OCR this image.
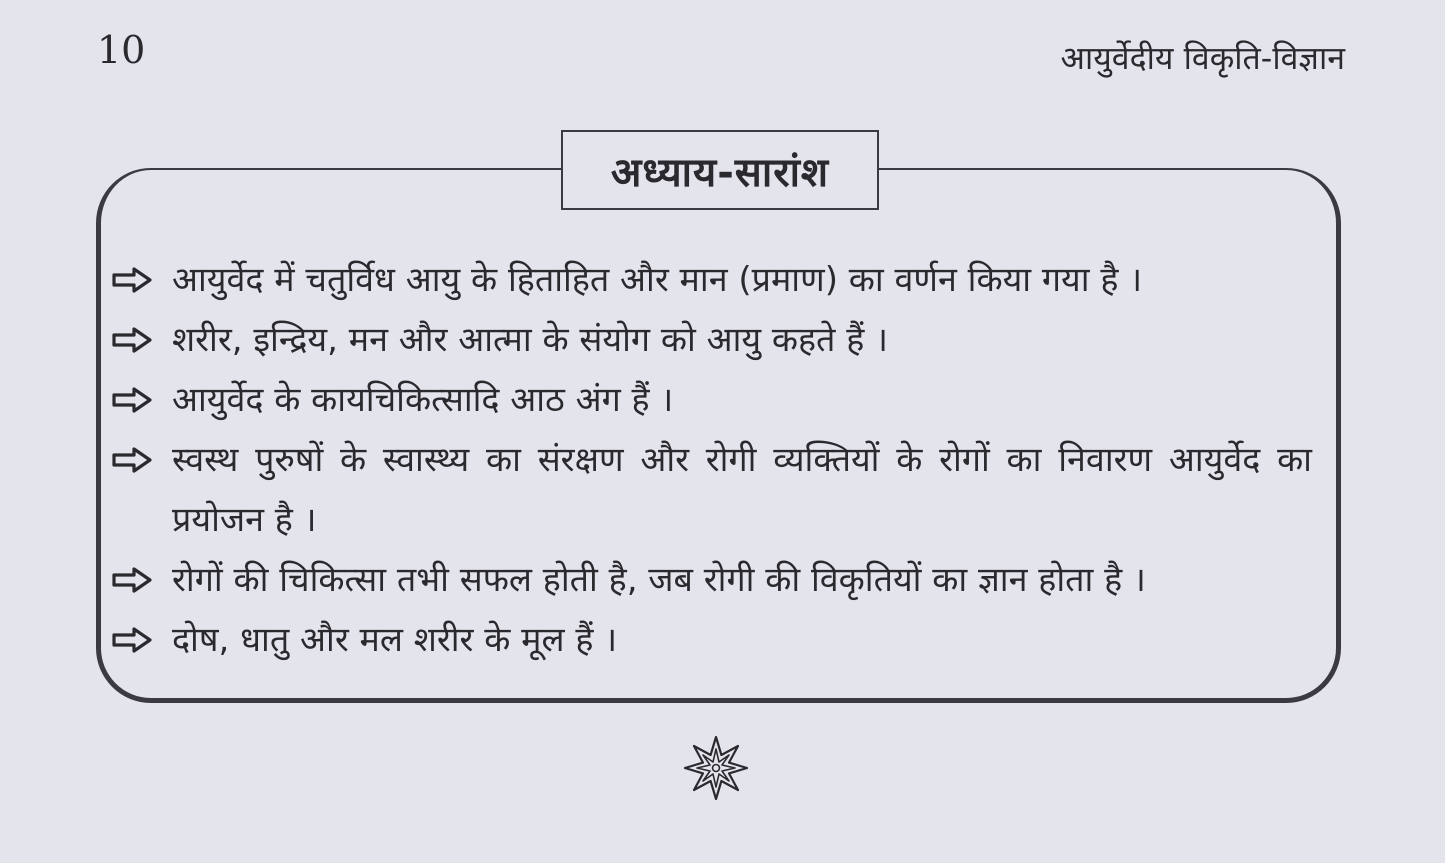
10	आयुर्वेदीय विकृति-विज्ञान
अध्याय-सारांश
आयुर्वेद में चतुर्विध आयु के हिताहित और मान (प्रमाण) का वर्णन किया गया है ।
शरीर, इन्द्रिय, मन और आत्मा के संयोग को आयु कहते हैं ।
आयुर्वेद के कायचिकित्सादि आठ अंग हैं ।
स्वस्थ पुरुषों के स्वास्थ्य का संरक्षण और रोगी व्यक्तियों के रोगों का निवारण आयुर्वेद का प्रयोजन है ।
रोगों की चिकित्सा तभी सफल होती है, जब रोगी की विकृतियों का ज्ञान होता है ।
दोष, धातु और मल शरीर के मूल हैं ।
